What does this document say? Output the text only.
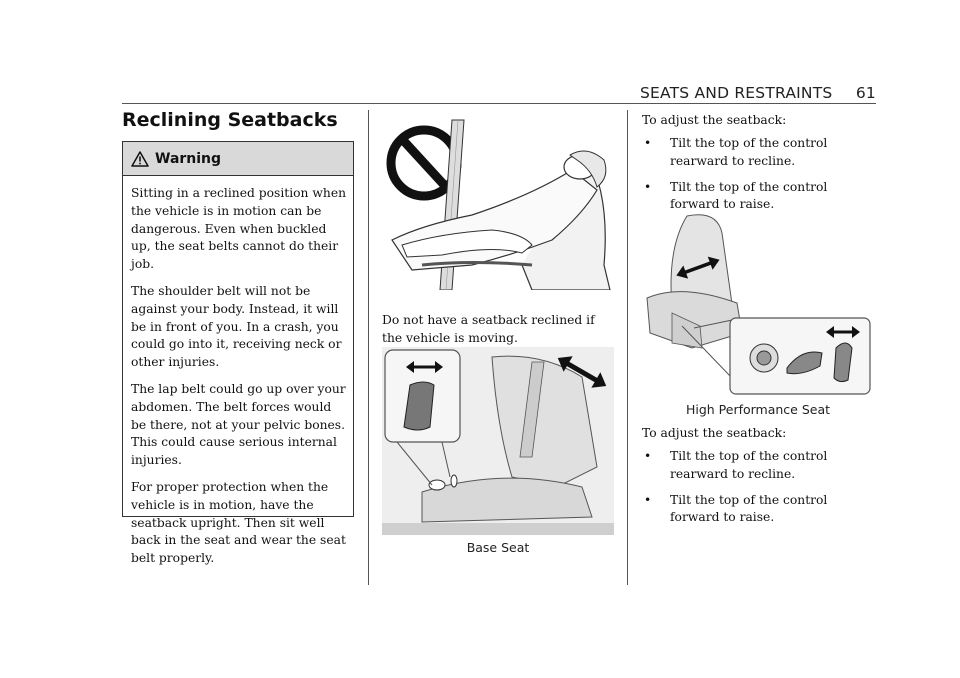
SEATS AND RESTRAINTS 61
Reclining Seatbacks
Warning

Sitting in a reclined position when the vehicle is in motion can be dangerous. Even when buckled up, the seat belts cannot do their job.

The shoulder belt will not be against your body. Instead, it will be in front of you. In a crash, you could go into it, receiving neck or other injuries.

The lap belt could go up over your abdomen. The belt forces would be there, not at your pelvic bones. This could cause serious internal injuries.

For proper protection when the vehicle is in motion, have the seatback upright. Then sit well back in the seat and wear the seat belt properly.

Do not have a seatback reclined if the vehicle is moving.
Base Seat
To adjust the seatback:
• Tilt the top of the control rearward to recline.
• Tilt the top of the control forward to raise.
High Performance Seat
To adjust the seatback:
• Tilt the top of the control rearward to recline.
• Tilt the top of the control forward to raise.
